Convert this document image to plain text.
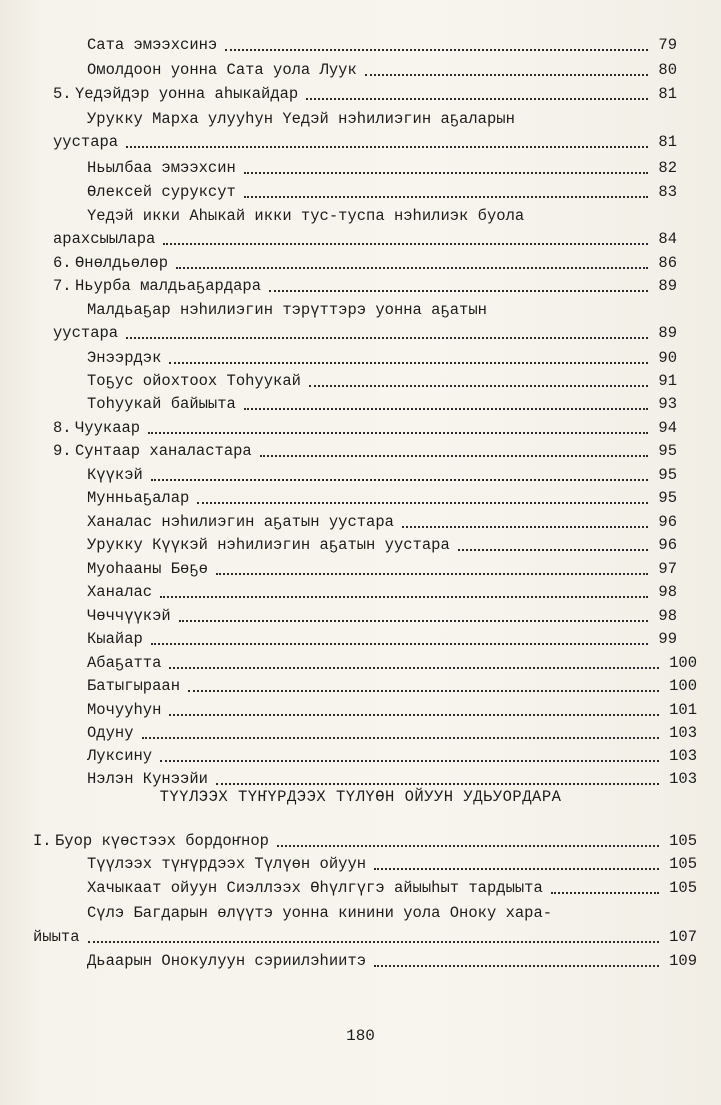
Сата эмээхсинэ	79
Омолдоон уонна Сата уола Луук	80
5. Үедэйдэр уонна аһыкайдар	81
Урукку Марха улууһун Үедэй нэһилиэгин аҕаларын
уустара	81
Ньылбаа эмээхсин	82
Өлексей суруксут	83
Үедэй икки Аһыкай икки тус-туспа нэһилиэк буола
арахсыылара	84
6. Өнөлдьөлөр	86
7. Ньурба малдьаҕардара	89
Малдьаҕар нэһилиэгин тэрүттэрэ уонна аҕатын
уустара	89
Энээрдэк	90
Тоҕус ойохтоох Тоһуукай	91
Тоһуукай байыыта	93
8. Чуукаар	94
9. Сунтаар ханаластара	95
Күүкэй	95
Мунньаҕалар	95
Ханалас нэһилиэгин аҕатын уустара	96
Урукку Күүкэй нэһилиэгин аҕатын уустара	96
Муоһааны Бөҕө	97
Ханалас	98
Чөччүүкэй	98
Кыайар	99
Абаҕатта	100
Батыгыраан	100
Мочууһун	101
Одуну	103
Луксину	103
Нэлэн Кунээйи	103
ТҮҮЛЭЭХ ТҮҤҮРДЭЭХ ТҮЛҮӨН ОЙУУН УДЬУОРДАРА
I. Буор күөстээх бордоҥнор	105
Түүлээх түҥүрдээх Түлүөн ойуун	105
Хачыкаат ойуун Сиэллээх Өһүлгүгэ айыыһыт тардыыта	105
Сүлэ Багдарын өлүүтэ уонна кинини уола Оноку хара-
йыыта	107
Дьаарын Онокулуун сэриилэһиитэ	109
180
